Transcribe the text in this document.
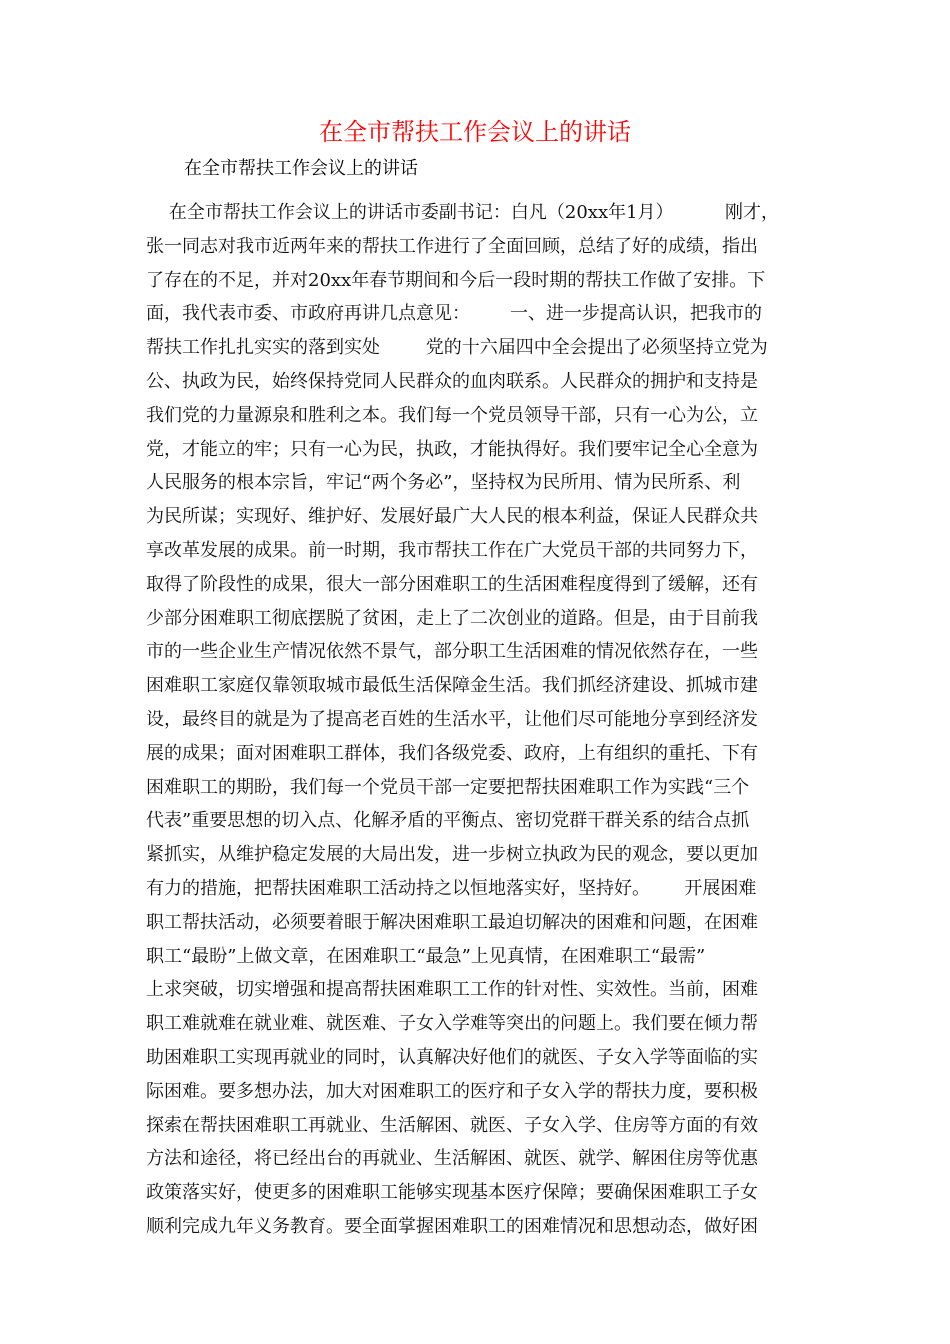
在全市帮扶工作会议上的讲话

在全市帮扶工作会议上的讲话

在全市帮扶工作会议上的讲话市委副书记：白凡（20xx年1月）         刚才，
张一同志对我市近两年来的帮扶工作进行了全面回顾，总结了好的成绩，指出
了存在的不足，并对20xx年春节期间和今后一段时期的帮扶工作做了安排。下
面，我代表市委、市政府再讲几点意见：       一、进一步提高认识，把我市的
帮扶工作扎扎实实的落到实处        党的十六届四中全会提出了必须坚持立党为
公、执政为民，始终保持党同人民群众的血肉联系。人民群众的拥护和支持是
我们党的力量源泉和胜利之本。我们每一个党员领导干部，只有一心为公，立
党，才能立的牢；只有一心为民，执政，才能执得好。我们要牢记全心全意为
人民服务的根本宗旨，牢记“两个务必”，坚持权为民所用、情为民所系、利
为民所谋；实现好、维护好、发展好最广大人民的根本利益，保证人民群众共
享改革发展的成果。前一时期，我市帮扶工作在广大党员干部的共同努力下，
取得了阶段性的成果，很大一部分困难职工的生活困难程度得到了缓解，还有
少部分困难职工彻底摆脱了贫困，走上了二次创业的道路。但是，由于目前我
市的一些企业生产情况依然不景气，部分职工生活困难的情况依然存在，一些
困难职工家庭仅靠领取城市最低生活保障金生活。我们抓经济建设、抓城市建
设，最终目的就是为了提高老百姓的生活水平，让他们尽可能地分享到经济发
展的成果；面对困难职工群体，我们各级党委、政府，上有组织的重托、下有
困难职工的期盼，我们每一个党员干部一定要把帮扶困难职工作为实践“三个
代表”重要思想的切入点、化解矛盾的平衡点、密切党群干群关系的结合点抓
紧抓实，从维护稳定发展的大局出发，进一步树立执政为民的观念，要以更加
有力的措施，把帮扶困难职工活动持之以恒地落实好，坚持好。      开展困难
职工帮扶活动，必须要着眼于解决困难职工最迫切解决的困难和问题，在困难
职工“最盼”上做文章，在困难职工“最急”上见真情，在困难职工“最需”
上求突破，切实增强和提高帮扶困难职工工作的针对性、实效性。当前，困难
职工难就难在就业难、就医难、子女入学难等突出的问题上。我们要在倾力帮
助困难职工实现再就业的同时，认真解决好他们的就医、子女入学等面临的实
际困难。要多想办法，加大对困难职工的医疗和子女入学的帮扶力度，要积极
探索在帮扶困难职工再就业、生活解困、就医、子女入学、住房等方面的有效
方法和途径，将已经出台的再就业、生活解困、就医、就学、解困住房等优惠
政策落实好，使更多的困难职工能够实现基本医疗保障；要确保困难职工子女
顺利完成九年义务教育。要全面掌握困难职工的困难情况和思想动态，做好困
